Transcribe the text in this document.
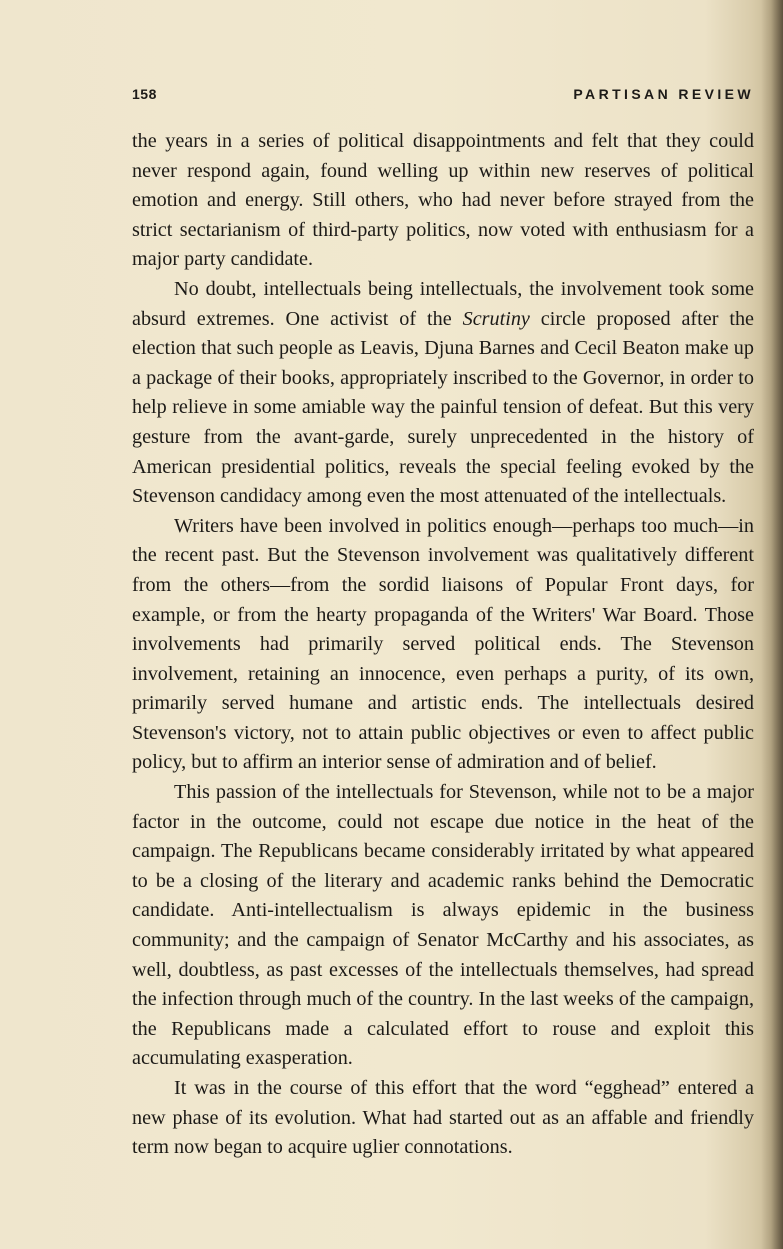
158	PARTISAN REVIEW

the years in a series of political disappointments and felt that they could never respond again, found welling up within new reserves of political emotion and energy. Still others, who had never before strayed from the strict sectarianism of third-party politics, now voted with enthusiasm for a major party candidate.

No doubt, intellectuals being intellectuals, the involvement took some absurd extremes. One activist of the Scrutiny circle proposed after the election that such people as Leavis, Djuna Barnes and Cecil Beaton make up a package of their books, appropriately inscribed to the Governor, in order to help relieve in some amiable way the painful tension of defeat. But this very gesture from the avant-garde, surely unprecedented in the history of American presidential politics, reveals the special feeling evoked by the Stevenson candidacy among even the most attenuated of the intellectuals.

Writers have been involved in politics enough—perhaps too much—in the recent past. But the Stevenson involvement was qualitatively different from the others—from the sordid liaisons of Popular Front days, for example, or from the hearty propaganda of the Writers' War Board. Those involvements had primarily served political ends. The Stevenson involvement, retaining an innocence, even perhaps a purity, of its own, primarily served humane and artistic ends. The intellectuals desired Stevenson's victory, not to attain public objectives or even to affect public policy, but to affirm an interior sense of admiration and of belief.

This passion of the intellectuals for Stevenson, while not to be a major factor in the outcome, could not escape due notice in the heat of the campaign. The Republicans became considerably irritated by what appeared to be a closing of the literary and academic ranks behind the Democratic candidate. Anti-intellectualism is always epidemic in the business community; and the campaign of Senator McCarthy and his associates, as well, doubtless, as past excesses of the intellectuals themselves, had spread the infection through much of the country. In the last weeks of the campaign, the Republicans made a calculated effort to rouse and exploit this accumulating exasperation.

It was in the course of this effort that the word “egghead” entered a new phase of its evolution. What had started out as an affable and friendly term now began to acquire uglier connotations.
